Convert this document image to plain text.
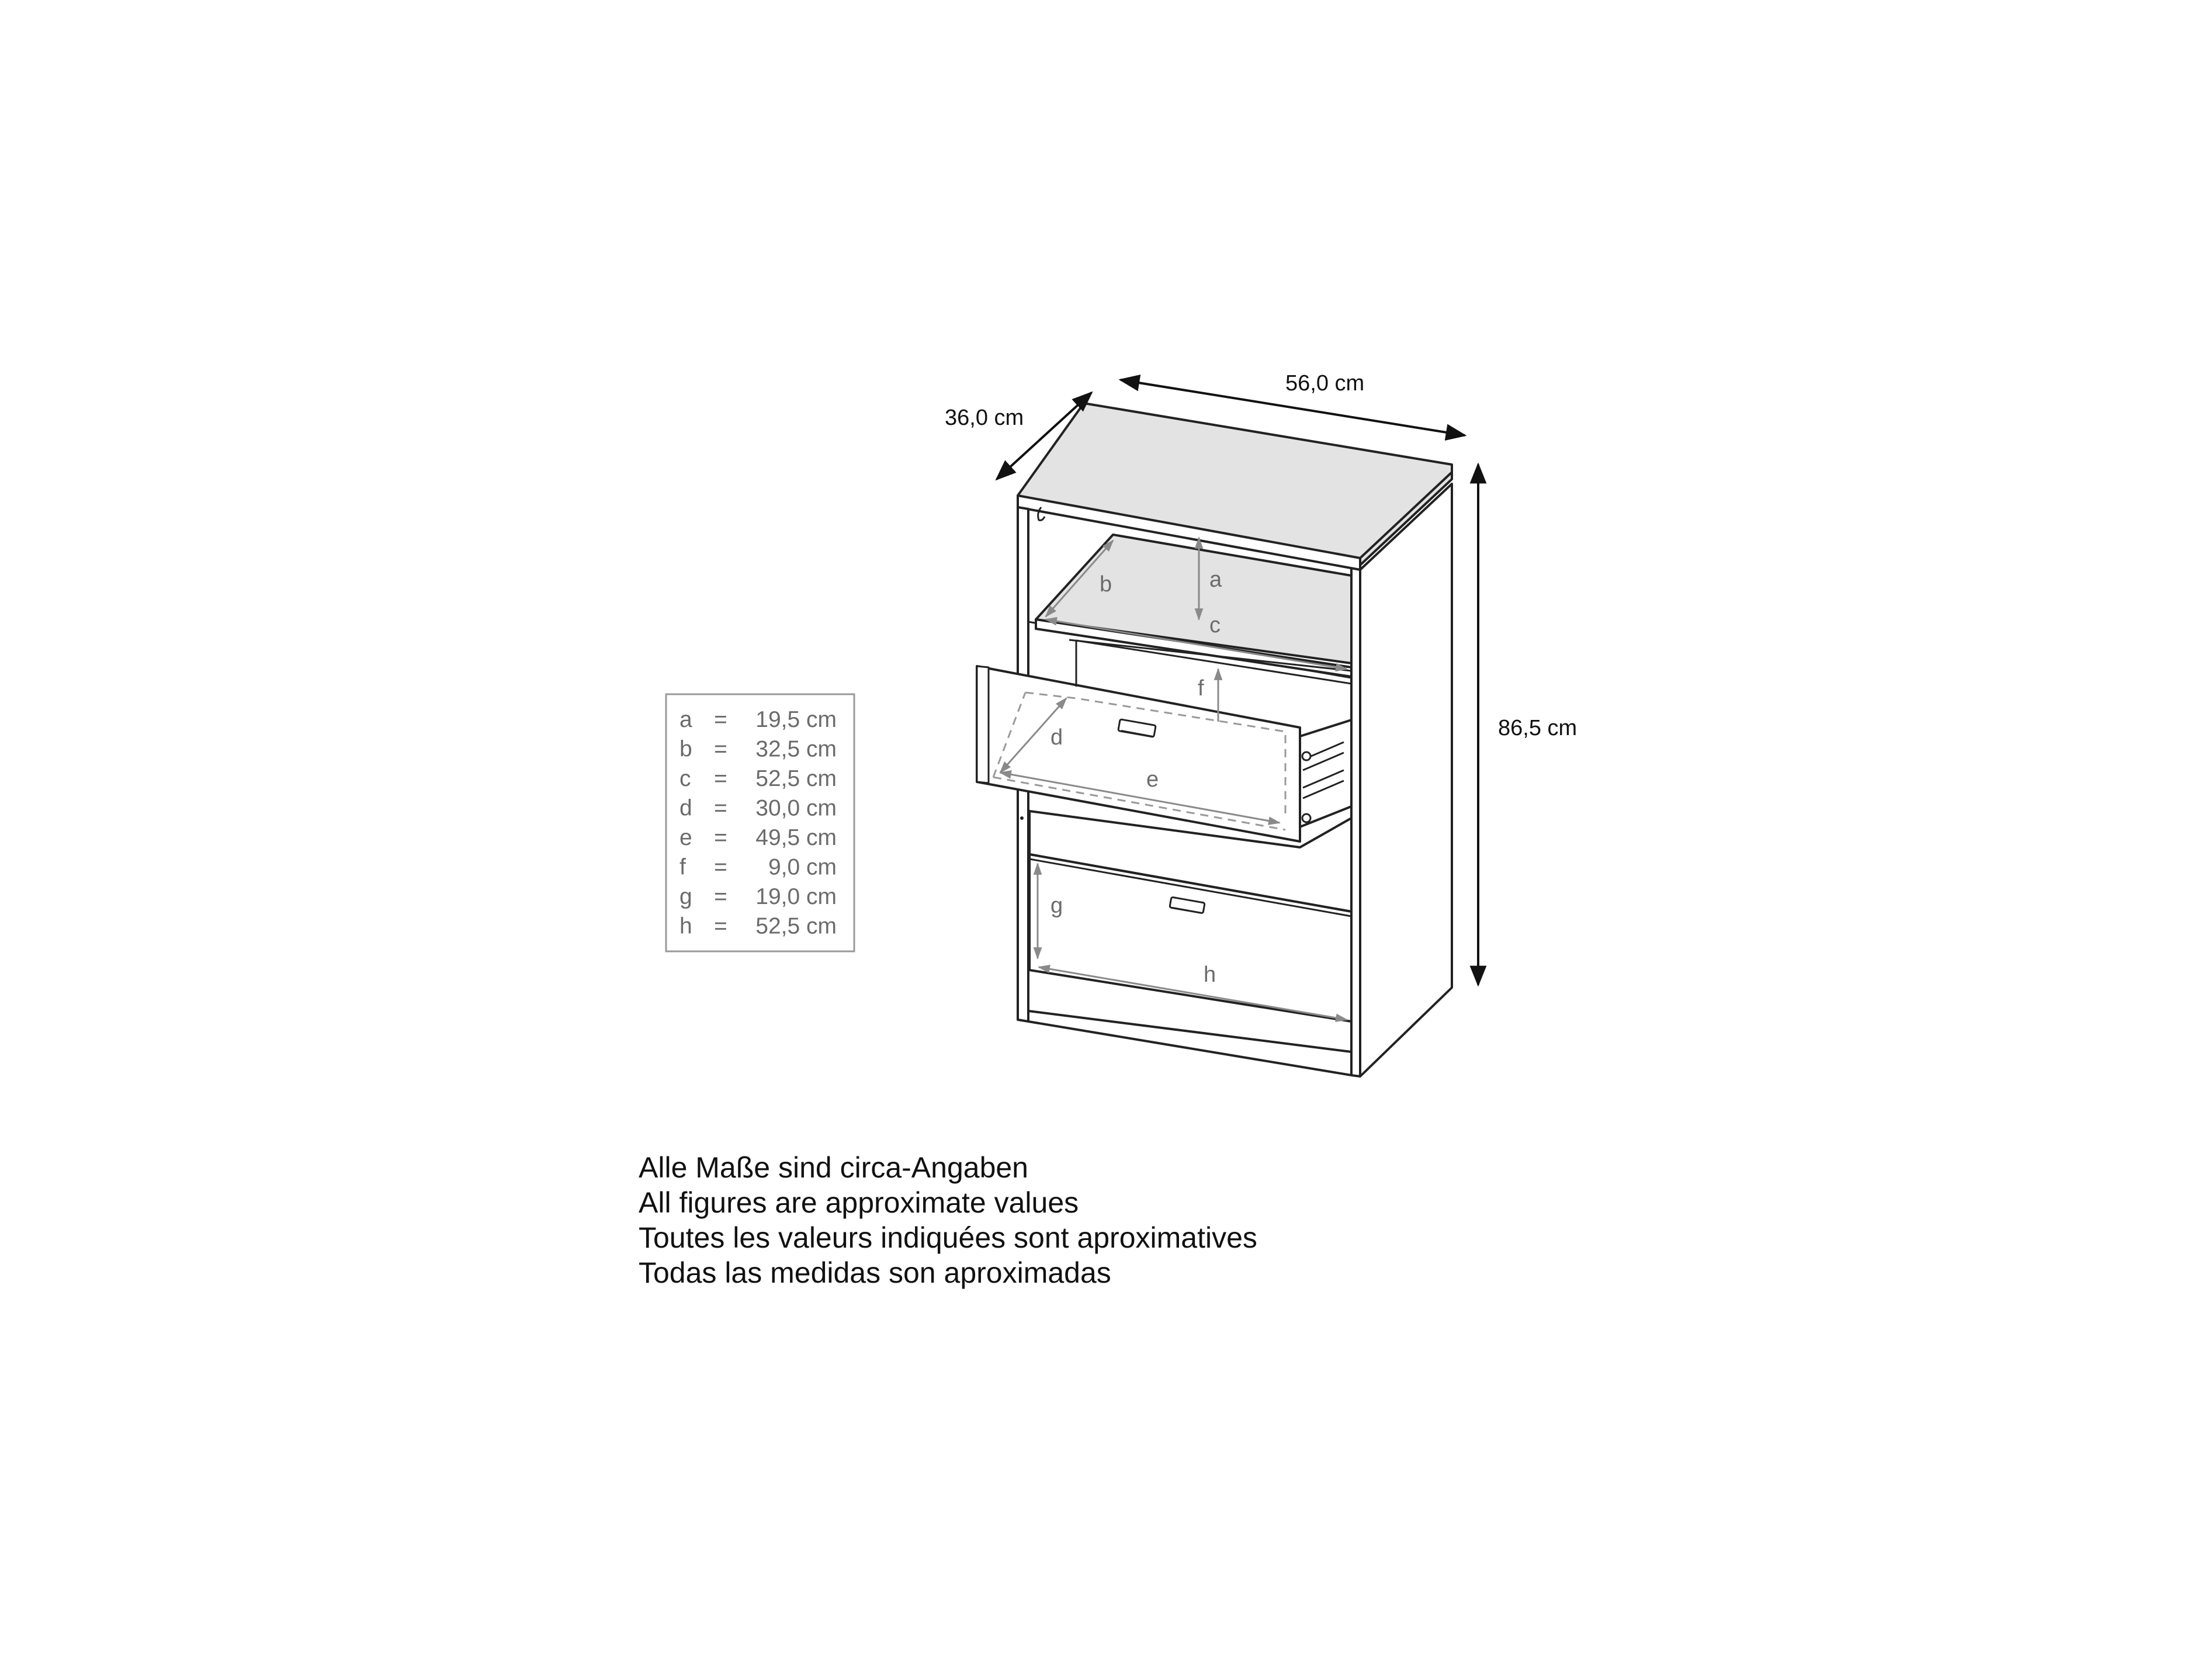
a
b
c
f
d
e
g
h
56,0 cm
36,0 cm
86,5 cm
a = 19,5 cm
b = 32,5 cm
c = 52,5 cm
d = 30,0 cm
e = 49,5 cm
f = 9,0 cm
g = 19,0 cm
h = 52,5 cm
Alle Maße sind circa-Angaben
All figures are approximate values
Toutes les valeurs indiquées sont aproximatives
Todas las medidas son aproximadas
